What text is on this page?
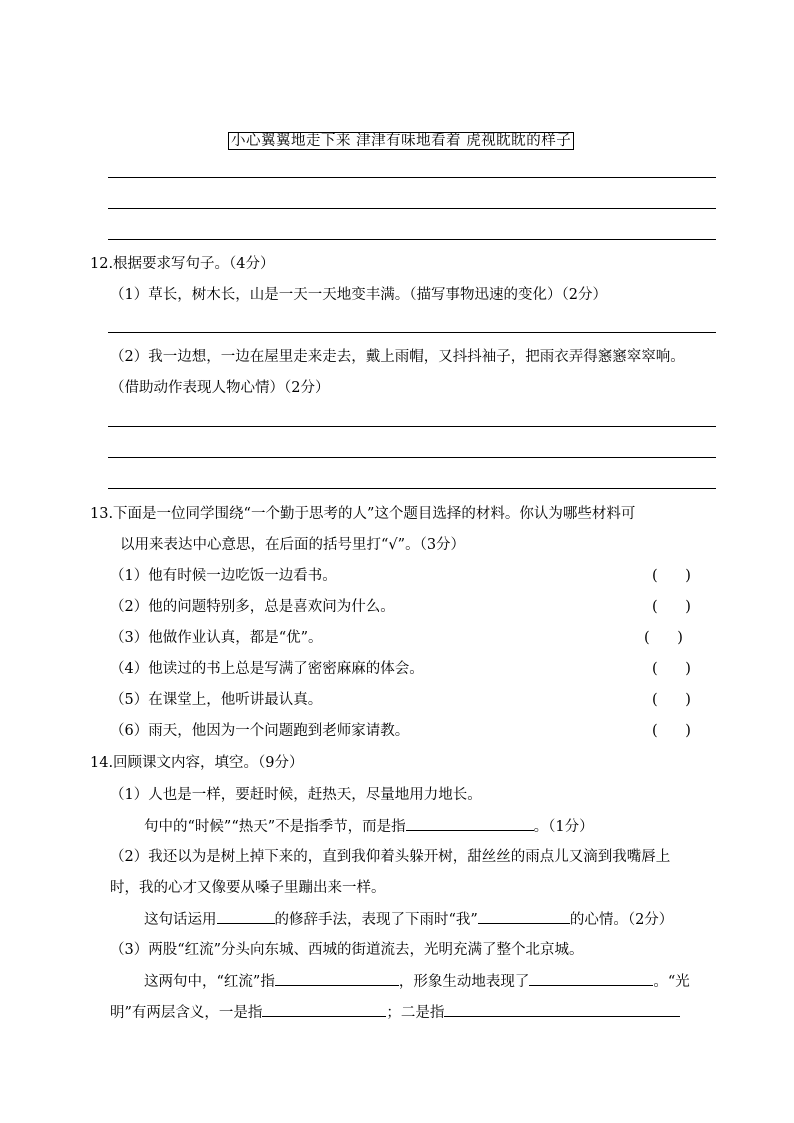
小心翼翼地走下来 津津有味地看着 虎视眈眈的样子
12.根据要求写句子。（4分）
（1）草长，树木长，山是一天一天地变丰满。（描写事物迅速的变化）（2分）
（2）我一边想，一边在屋里走来走去，戴上雨帽，又抖抖袖子，把雨衣弄得窸窸窣窣响。
（借助动作表现人物心情）（2分）
13.下面是一位同学围绕“一个勤于思考的人”这个题目选择的材料。你认为哪些材料可
以用来表达中心意思，在后面的括号里打“√”。（3分）
（1）他有时候一边吃饭一边看书。	(      )
（2）他的问题特别多，总是喜欢问为什么。	(      )
（3）他做作业认真，都是“优”。	(      )
（4）他读过的书上总是写满了密密麻麻的体会。	(      )
（5）在课堂上，他听讲最认真。	(      )
（6）雨天，他因为一个问题跑到老师家请教。	(      )
14.回顾课文内容，填空。（9分）
（1）人也是一样，要赶时候，赶热天，尽量地用力地长。
句中的“时候”“热天”不是指季节，而是指	。（1分）
（2）我还以为是树上掉下来的，直到我仰着头躲开树，甜丝丝的雨点儿又滴到我嘴唇上
时，我的心才又像要从嗓子里蹦出来一样。
这句话运用	的修辞手法，表现了下雨时“我”	的心情。（2分）
（3）两股“红流”分头向东城、西城的街道流去，光明充满了整个北京城。
这两句中，“红流”指	，形象生动地表现了	。“光
明”有两层含义，一是指	；二是指
